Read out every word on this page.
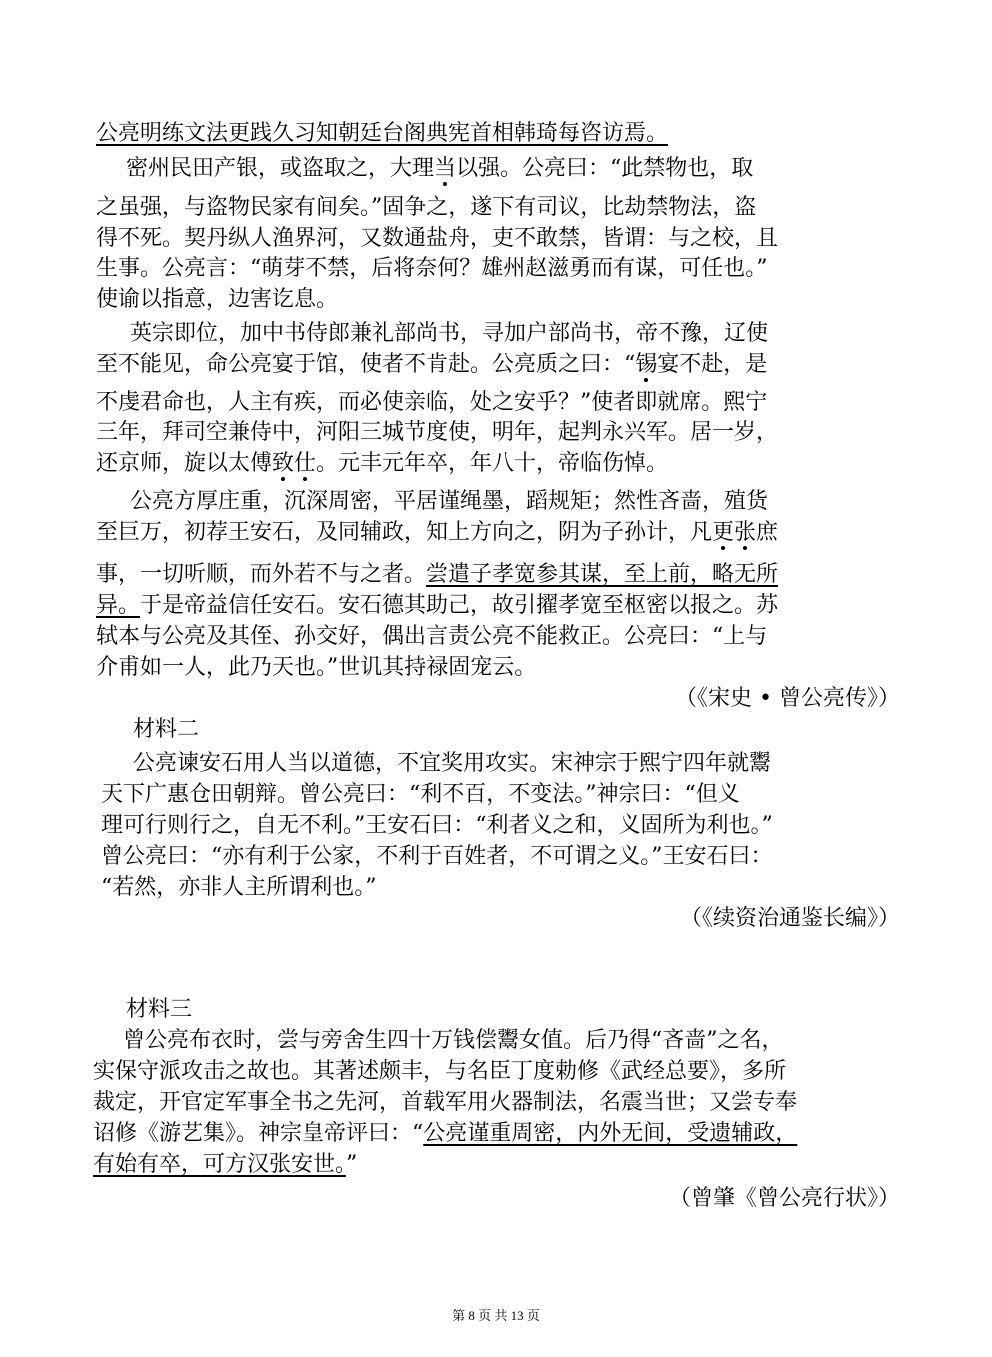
公亮明练文法更践久习知朝廷台阁典宪首相韩琦每咨访焉。
密州民田产银，或盗取之，大理当以强。公亮曰：“此禁物也，取
之虽强，与盗物民家有间矣。”固争之，遂下有司议，比劫禁物法，盗
得不死。契丹纵人渔界河，又数通盐舟，吏不敢禁，皆谓：与之校，且
生事。公亮言：“萌芽不禁，后将奈何？雄州赵滋勇而有谋，可任也。”
使谕以指意，边害讫息。
英宗即位，加中书侍郎兼礼部尚书，寻加户部尚书，帝不豫，辽使
至不能见，命公亮宴于馆，使者不肯赴。公亮质之曰：“锡宴不赴，是
不虔君命也，人主有疾，而必使亲临，处之安乎？”使者即就席。熙宁
三年，拜司空兼侍中，河阳三城节度使，明年，起判永兴军。居一岁，
还京师，旋以太傅致仕。元丰元年卒，年八十，帝临伤悼。
公亮方厚庄重，沉深周密，平居谨绳墨，蹈规矩；然性吝啬，殖货
至巨万，初荐王安石，及同辅政，知上方向之，阴为子孙计，凡更张庶
事，一切听顺，而外若不与之者。尝遣子孝宽参其谋，至上前，略无所
异。于是帝益信任安石。安石德其助己，故引擢孝宽至枢密以报之。苏
轼本与公亮及其侄、孙交好，偶出言责公亮不能救正。公亮曰：“上与
介甫如一人，此乃天也。”世讥其持禄固宠云。
（《宋史 • 曾公亮传》）
材料二
公亮谏安石用人当以道德，不宜奖用攻实。宋神宗于熙宁四年就鬻
天下广惠仓田朝辩。曾公亮曰：“利不百，不变法。”神宗曰：“但义
理可行则行之，自无不利。”王安石曰：“利者义之和，义固所为利也。”
曾公亮曰：“亦有利于公家，不利于百姓者，不可谓之义。”王安石曰：
“若然，亦非人主所谓利也。”
（《续资治通鉴长编》）
材料三
曾公亮布衣时，尝与旁舍生四十万钱偿鬻女值。后乃得“吝啬”之名，
实保守派攻击之故也。其著述颇丰，与名臣丁度勅修《武经总要》，多所
裁定，开官定军事全书之先河，首载军用火器制法，名震当世；又尝专奉
诏修《游艺集》。神宗皇帝评曰：“公亮谨重周密，内外无间，受遗辅政，
有始有卒，可方汉张安世。”
（曾肇《曾公亮行状》）
第 8 页 共 13 页
